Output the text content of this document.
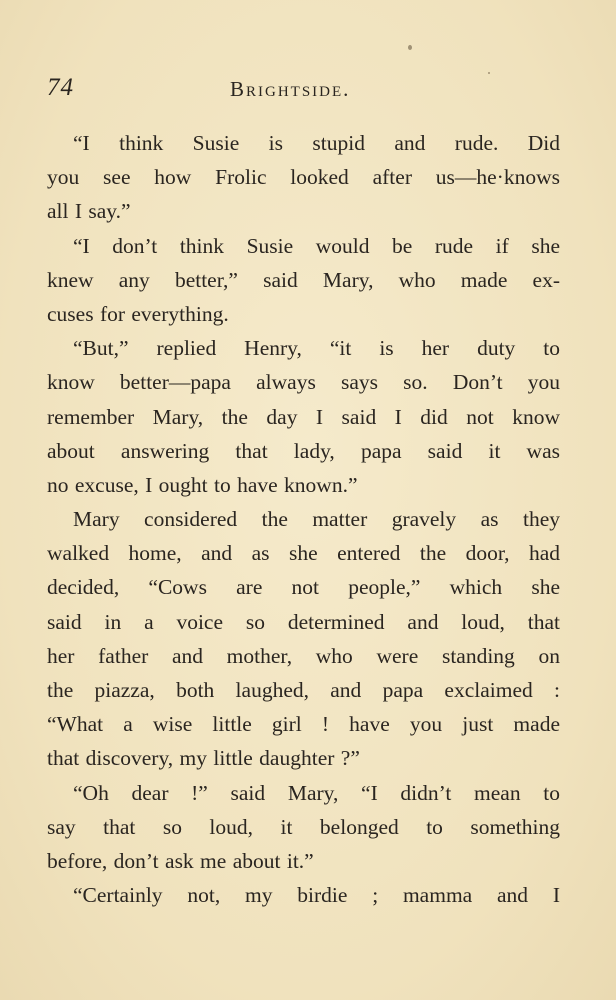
74	Brightside.
“I think Susie is stupid and rude. Did
you see how Frolic looked after us—he·knows
all I say.”
“I don’t think Susie would be rude if she
knew any better,” said Mary, who made ex-
cuses for everything.
“But,” replied Henry, “it is her duty to
know better—papa always says so. Don’t you
remember Mary, the day I said I did not know
about answering that lady, papa said it was
no excuse, I ought to have known.”
Mary considered the matter gravely as they
walked home, and as she entered the door, had
decided, “Cows are not people,” which she
said in a voice so determined and loud, that
her father and mother, who were standing on
the piazza, both laughed, and papa exclaimed :
“What a wise little girl ! have you just made
that discovery, my little daughter ?”
“Oh dear !” said Mary, “I didn’t mean to
say that so loud, it belonged to something
before, don’t ask me about it.”
“Certainly not, my birdie ; mamma and I
